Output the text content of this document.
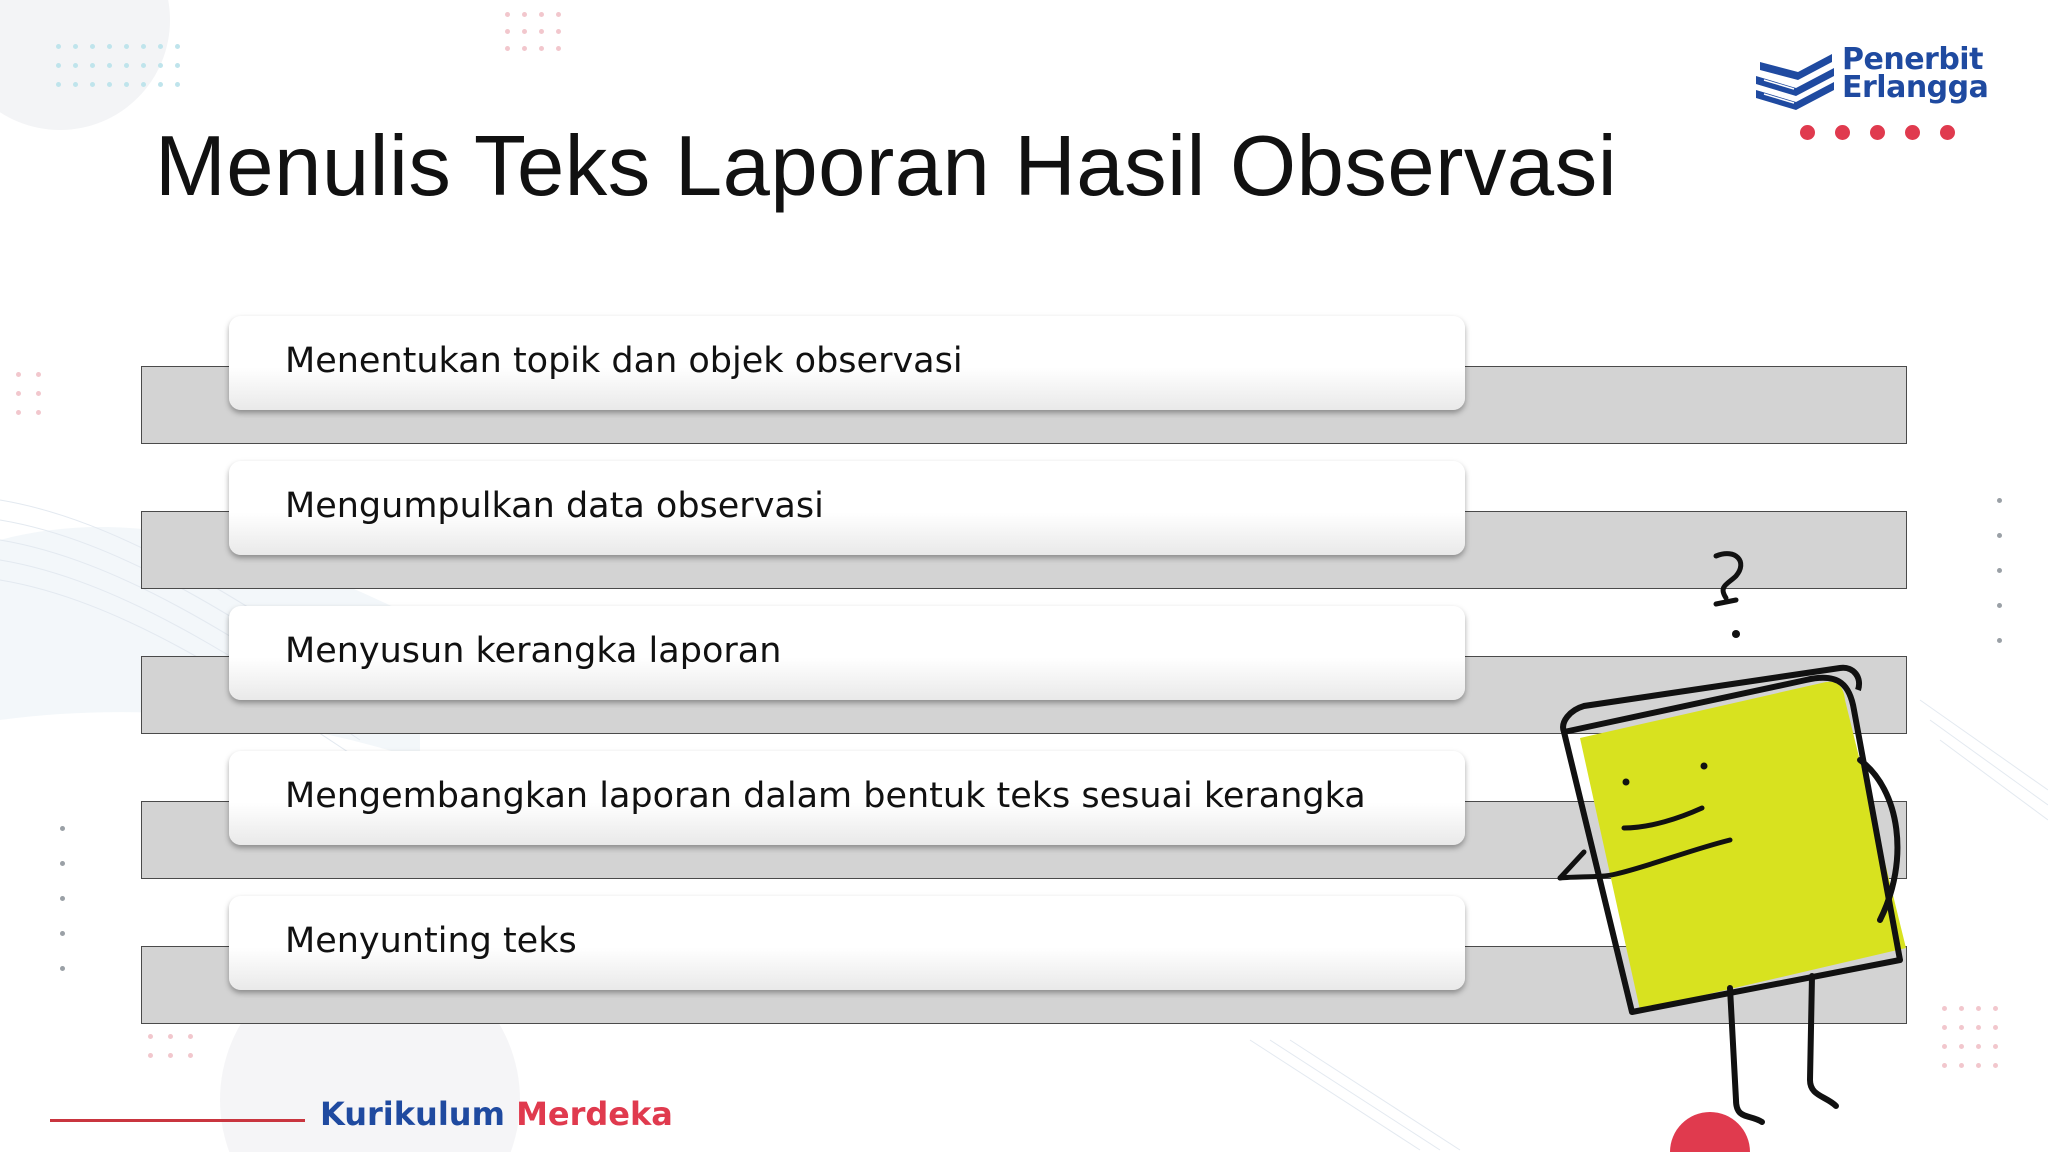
Penerbit
Erlangga
Menulis Teks Laporan Hasil Observasi
Menentukan topik dan objek observasi
Mengumpulkan data observasi
Menyusun kerangka laporan
Mengembangkan laporan dalam bentuk teks sesuai kerangka
Menyunting teks
Kurikulum Merdeka
